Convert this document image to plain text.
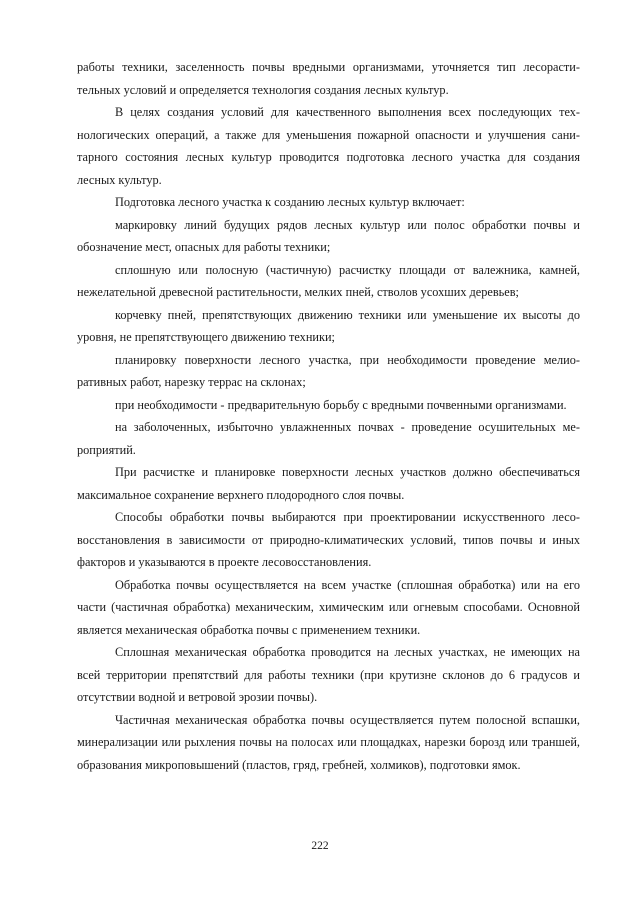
работы техники, заселенность почвы вредными организмами, уточняется тип лесорастительных условий и определяется технология создания лесных культур.

В целях создания условий для качественного выполнения всех последующих технологических операций, а также для уменьшения пожарной опасности и улучшения санитарного состояния лесных культур проводится подготовка лесного участка для создания лесных культур.

Подготовка лесного участка к созданию лесных культур включает:

маркировку линий будущих рядов лесных культур или полос обработки почвы и обозначение мест, опасных для работы техники;

сплошную или полосную (частичную) расчистку площади от валежника, камней, нежелательной древесной растительности, мелких пней, стволов усохших деревьев;

корчевку пней, препятствующих движению техники или уменьшение их высоты до уровня, не препятствующего движению техники;

планировку поверхности лесного участка, при необходимости проведение мелиоративных работ, нарезку террас на склонах;

при необходимости - предварительную борьбу с вредными почвенными организмами.

на заболоченных, избыточно увлажненных почвах - проведение осушительных мероприятий.

При расчистке и планировке поверхности лесных участков должно обеспечиваться максимальное сохранение верхнего плодородного слоя почвы.

Способы обработки почвы выбираются при проектировании искусственного лесовосстановления в зависимости от природно-климатических условий, типов почвы и иных факторов и указываются в проекте лесовосстановления.

Обработка почвы осуществляется на всем участке (сплошная обработка) или на его части (частичная обработка) механическим, химическим или огневым способами. Основной является механическая обработка почвы с применением техники.

Сплошная механическая обработка проводится на лесных участках, не имеющих на всей территории препятствий для работы техники (при крутизне склонов до 6 градусов и отсутствии водной и ветровой эрозии почвы).

Частичная механическая обработка почвы осуществляется путем полосной вспашки, минерализации или рыхления почвы на полосах или площадках, нарезки борозд или траншей, образования микроповышений (пластов, гряд, гребней, холмиков), подготовки ямок.

222
